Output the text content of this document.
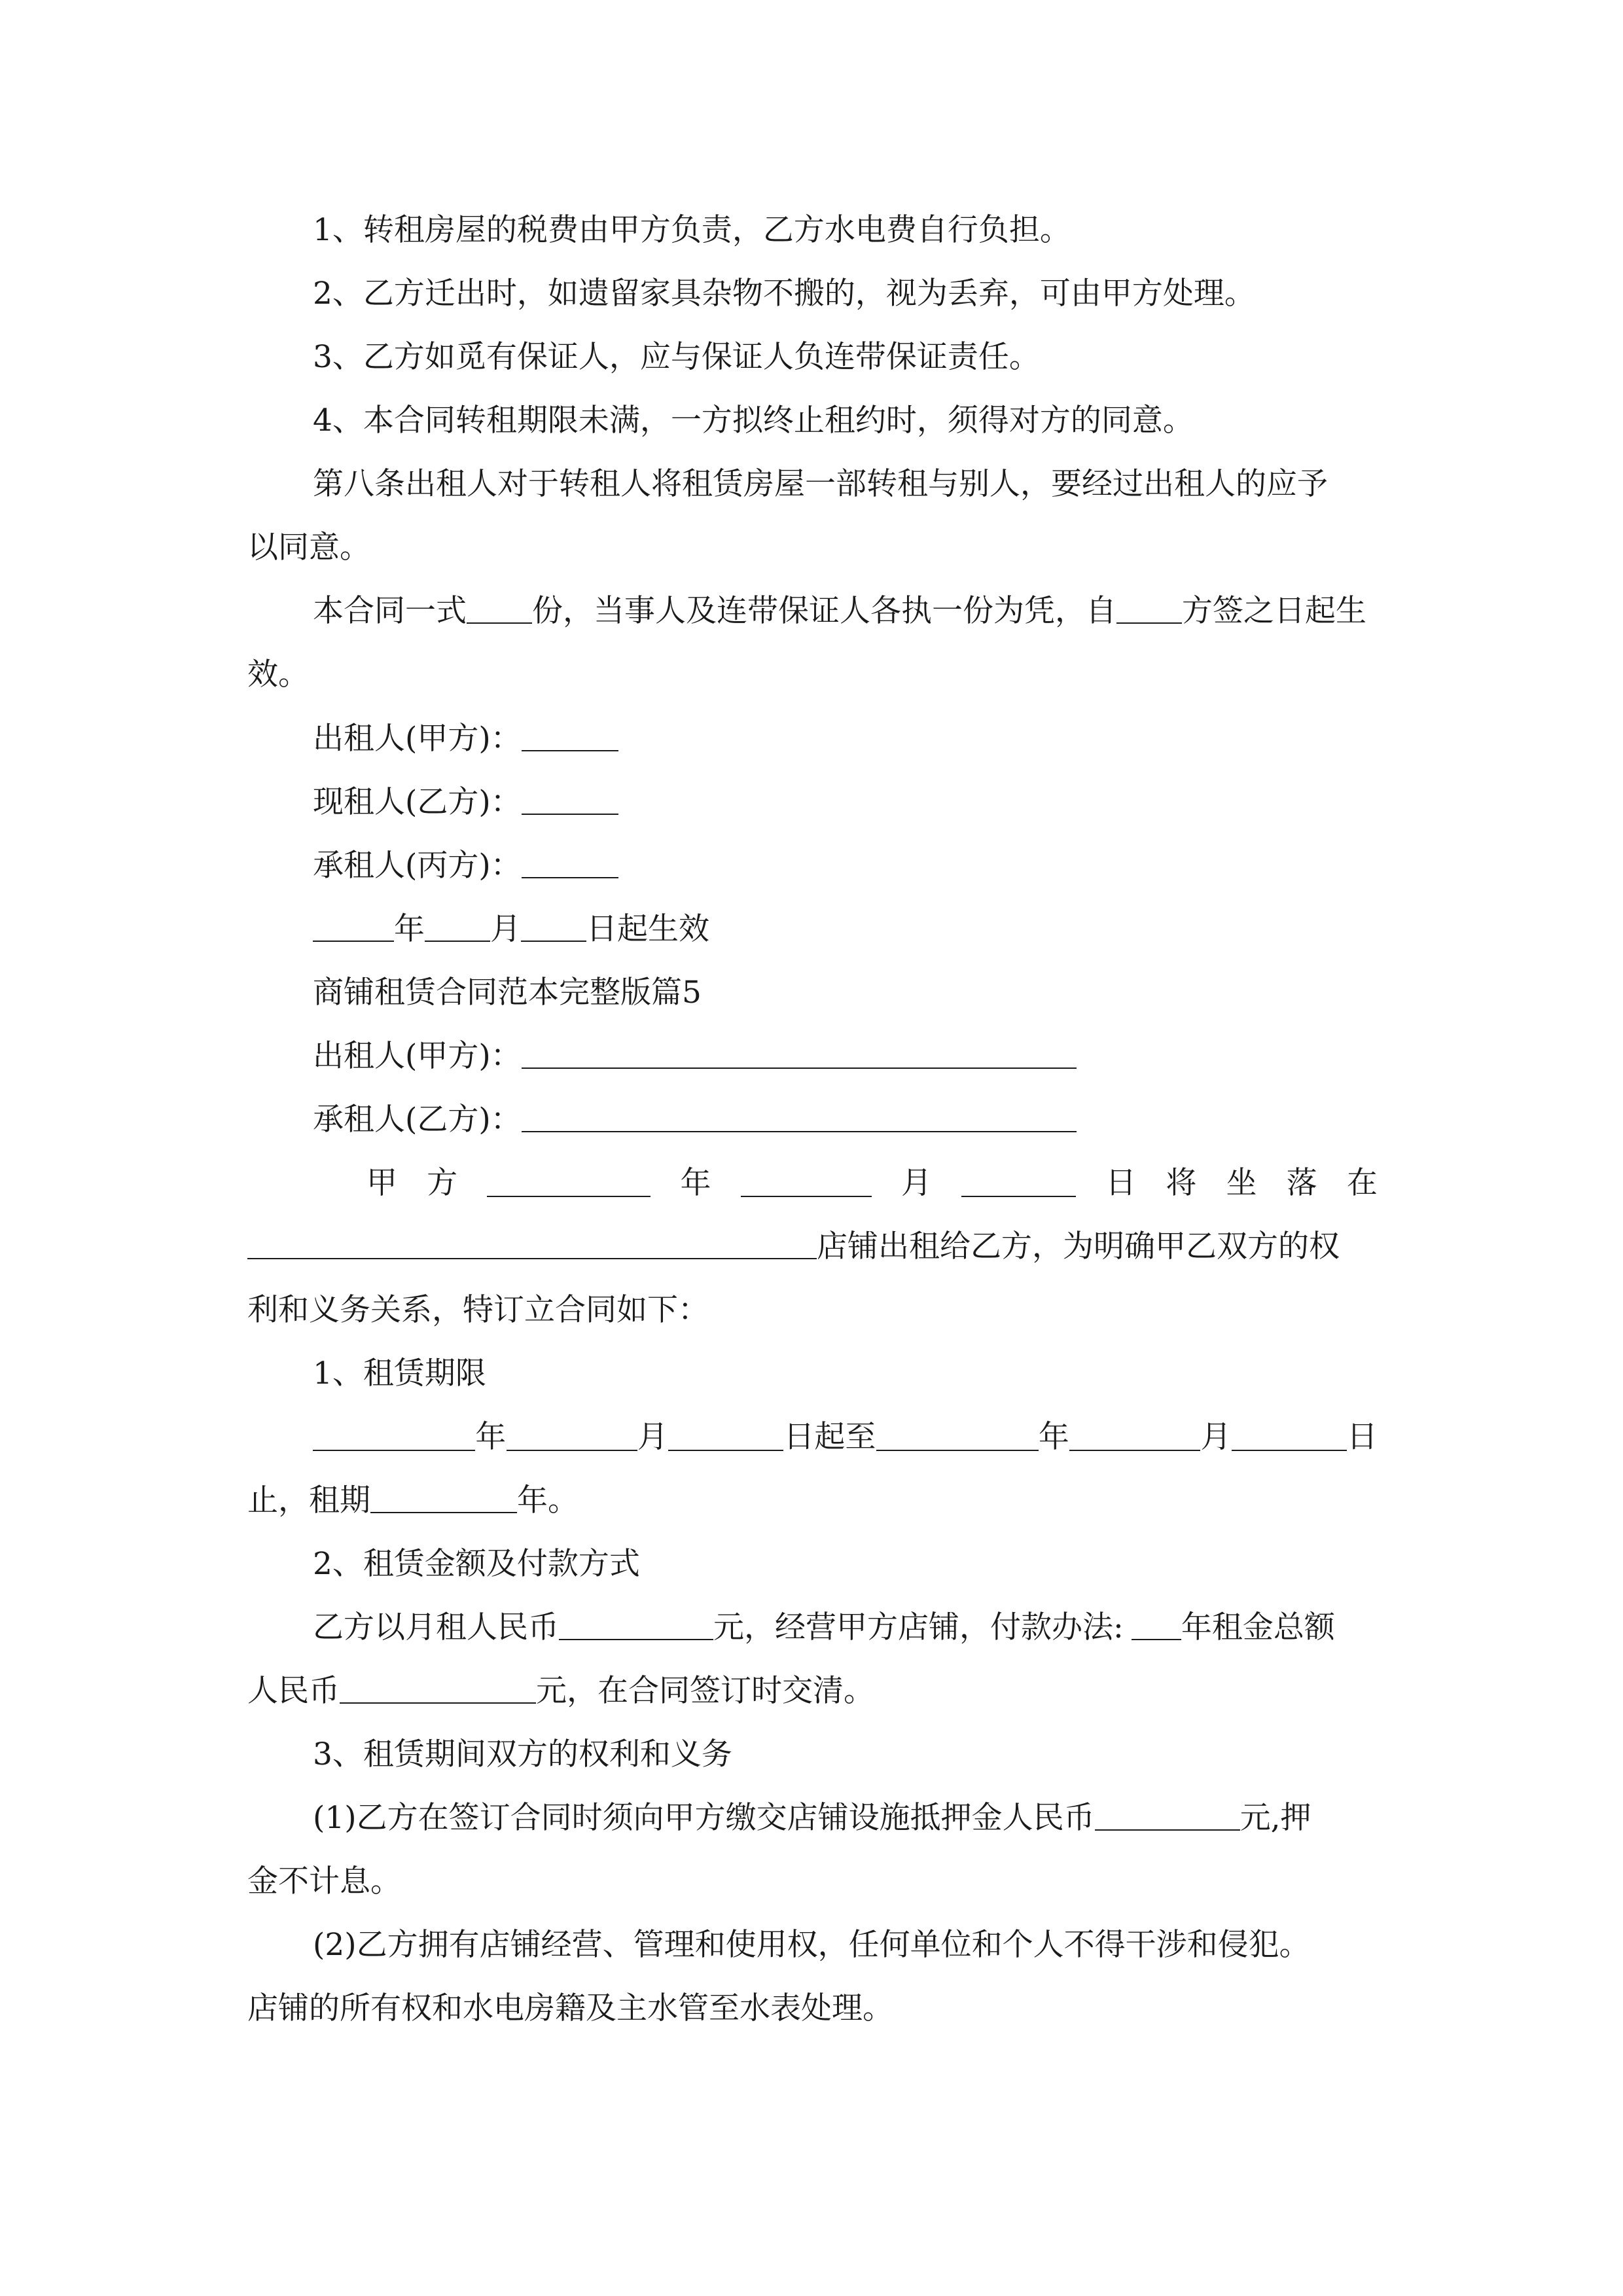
1、转租房屋的税费由甲方负责，乙方水电费自行负担。
2、乙方迁出时，如遗留家具杂物不搬的，视为丢弃，可由甲方处理。
3、乙方如觅有保证人，应与保证人负连带保证责任。
4、本合同转租期限未满，一方拟终止租约时，须得对方的同意。
第八条出租人对于转租人将租赁房屋一部转租与别人，要经过出租人的应予
以同意。
本合同一式 份，当事人及连带保证人各执一份为凭，自 方签之日起生
效。
出租人(甲方)：
现租人(乙方)：
承租人(丙方)：
年 月 日起生效
商铺租赁合同范本完整版篇5
出租人(甲方)：
承租人(乙方)：
甲 方	年	月	日 将 坐 落 在
店铺出租给乙方，为明确甲乙双方的权
利和义务关系，特订立合同如下：
1、租赁期限
年	月	日起至	年	月	日
止，租期	年。
2、租赁金额及付款方式
乙方以月租人民币	元，经营甲方店铺，付款办法: 年租金总额
人民币	元，在合同签订时交清。
3、租赁期间双方的权利和义务
(1)乙方在签订合同时须向甲方缴交店铺设施抵押金人民币	元,押
金不计息。
(2)乙方拥有店铺经营、管理和使用权，任何单位和个人不得干涉和侵犯。
店铺的所有权和水电房籍及主水管至水表处理。
